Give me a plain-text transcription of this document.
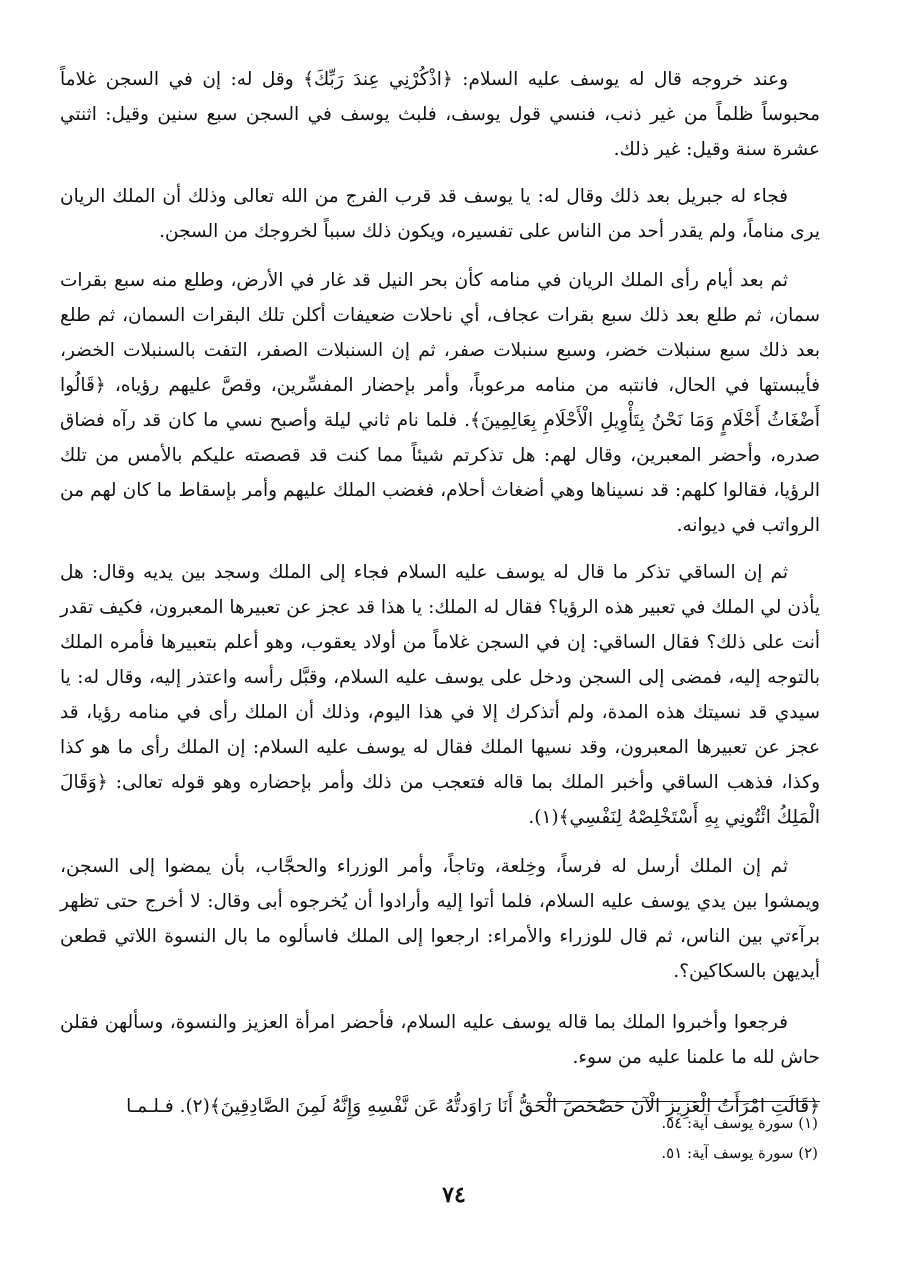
وعند خروجه قال له يوسف عليه السلام: ﴿اذْكُرْنِي عِندَ رَبِّكَ﴾ وقل له: إن في السجن غلاماً محبوساً ظلماً من غير ذنب، فنسي قول يوسف، فلبث يوسف في السجن سبع سنين وقيل: اثنتي عشرة سنة وقيل: غير ذلك.

فجاء له جبريل بعد ذلك وقال له: يا يوسف قد قرب الفرج من الله تعالى وذلك أن الملك الريان يرى مناماً، ولم يقدر أحد من الناس على تفسيره، ويكون ذلك سبباً لخروجك من السجن.

ثم بعد أيام رأى الملك الريان في منامه كأن بحر النيل قد غار في الأرض، وطلع منه سبع بقرات سمان، ثم طلع بعد ذلك سبع بقرات عجاف، أي ناحلات ضعيفات أكلن تلك البقرات السمان، ثم طلع بعد ذلك سبع سنبلات خضر، وسبع سنبلات صفر، ثم إن السنبلات الصفر، التفت بالسنبلات الخضر، فأيبستها في الحال، فانتبه من منامه مرعوباً، وأمر بإحضار المفسِّرين، وقصَّ عليهم رؤياه، ﴿قَالُوا أَضْغَاثُ أَحْلَامٍ وَمَا نَحْنُ بِتَأْوِيلِ الْأَحْلَامِ بِعَالِمِينَ﴾. فلما نام ثاني ليلة وأصبح نسي ما كان قد رآه فضاق صدره، وأحضر المعبرين، وقال لهم: هل تذكرتم شيئاً مما كنت قد قصصته عليكم بالأمس من تلك الرؤيا، فقالوا كلهم: قد نسيناها وهي أضغاث أحلام، فغضب الملك عليهم وأمر بإسقاط ما كان لهم من الرواتب في ديوانه.

ثم إن الساقي تذكر ما قال له يوسف عليه السلام فجاء إلى الملك وسجد بين يديه وقال: هل يأذن لي الملك في تعبير هذه الرؤيا؟ فقال له الملك: يا هذا قد عجز عن تعبيرها المعبرون، فكيف تقدر أنت على ذلك؟ فقال الساقي: إن في السجن غلاماً من أولاد يعقوب، وهو أعلم بتعبيرها فأمره الملك بالتوجه إليه، فمضى إلى السجن ودخل على يوسف عليه السلام، وقبَّل رأسه واعتذر إليه، وقال له: يا سيدي قد نسيتك هذه المدة، ولم أتذكرك إلا في هذا اليوم، وذلك أن الملك رأى في منامه رؤيا، قد عجز عن تعبيرها المعبرون، وقد نسيها الملك فقال له يوسف عليه السلام: إن الملك رأى ما هو كذا وكذا، فذهب الساقي وأخبر الملك بما قاله فتعجب من ذلك وأمر بإحضاره وهو قوله تعالى: ﴿وَقَالَ الْمَلِكُ ائْتُونِي بِهِ أَسْتَخْلِصْهُ لِنَفْسِي﴾(١).

ثم إن الملك أرسل له فرساً، وخِلعة، وتاجاً، وأمر الوزراء والحجَّاب، بأن يمضوا إلى السجن، ويمشوا بين يدي يوسف عليه السلام، فلما أتوا إليه وأرادوا أن يُخرجوه أبى وقال: لا أخرج حتى تظهر برآءتي بين الناس، ثم قال للوزراء والأمراء: ارجعوا إلى الملك فاسألوه ما بال النسوة اللاتي قطعن أيديهن بالسكاكين؟.

فرجعوا وأخبروا الملك بما قاله يوسف عليه السلام، فأحضر امرأة العزيز والنسوة، وسألهن فقلن حاش لله ما علمنا عليه من سوء.

﴿قَالَتِ امْرَأَتُ الْعَزِيزِ الْآنَ حَصْحَصَ الْحَقُّ أَنَا رَاوَدتُّهُ عَن نَّفْسِهِ وَإِنَّهُ لَمِنَ الصَّادِقِينَ﴾(٢). فـلـمـا

(١) سورة يوسف آية: ٥٤.
(٢) سورة يوسف آية: ٥١.
٧٤
